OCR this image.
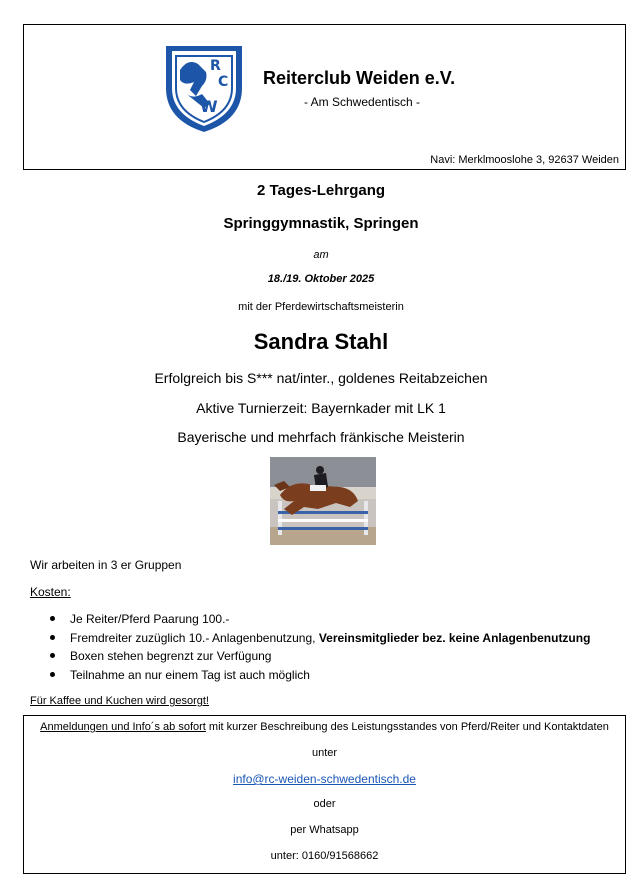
R
C
W
Reiterclub Weiden e.V.
- Am Schwedentisch -
Navi: Merklmooslohe 3, 92637 Weiden
2 Tages-Lehrgang
Springgymnastik, Springen
am
18./19. Oktober 2025
mit der Pferdewirtschaftsmeisterin
Sandra Stahl
Erfolgreich bis S*** nat/inter., goldenes Reitabzeichen
Aktive Turnierzeit: Bayernkader mit LK 1
Bayerische und mehrfach fränkische Meisterin
Wir arbeiten in 3 er Gruppen
Kosten:
Je Reiter/Pferd Paarung 100.-
Fremdreiter zuzüglich 10.- Anlagenbenutzung, Vereinsmitglieder bez. keine Anlagenbenutzung
Boxen stehen begrenzt zur Verfügung
Teilnahme an nur einem Tag ist auch möglich
Für Kaffee und Kuchen wird gesorgt!
Anmeldungen und Info´s ab sofort mit kurzer Beschreibung des Leistungsstandes von Pferd/Reiter und Kontaktdaten
unter
info@rc-weiden-schwedentisch.de
oder
per Whatsapp
unter: 0160/91568662
